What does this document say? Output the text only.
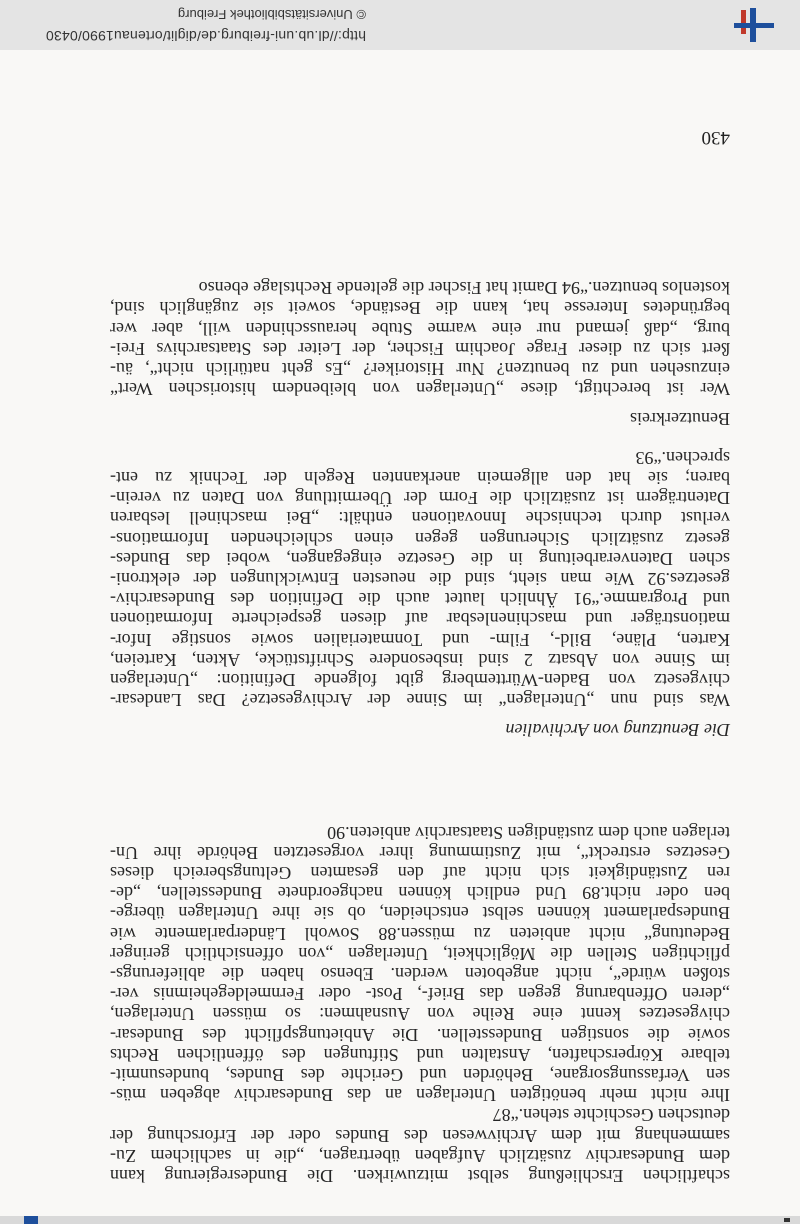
schaftlichen Erschließung selbst mitzuwirken. Die Bundesregierung kann
dem Bundesarchiv zusätzlich Aufgaben übertragen, „die in sachlichem Zu-
sammenhang mit dem Archivwesen des Bundes oder der Erforschung der
deutschen Geschichte stehen.“87
Ihre nicht mehr benötigten Unterlagen an das Bundesarchiv abgeben müs-
sen Verfassungsorgane, Behörden und Gerichte des Bundes, bundesunmit-
telbare Körperschaften, Anstalten und Stiftungen des öffentlichen Rechts
sowie die sonstigen Bundesstellen. Die Anbietungspflicht des Bundesar-
chivgesetzes kennt eine Reihe von Ausnahmen: so müssen Unterlagen,
„deren Offenbarung gegen das Brief-, Post- oder Fernmeldegeheimnis ver-
stoßen würde“, nicht angeboten werden. Ebenso haben die ablieferungs-
pflichtigen Stellen die Möglichkeit, Unterlagen „von offensichtlich geringer
Bedeutung“ nicht anbieten zu müssen.88 Sowohl Länderparlamente wie
Bundesparlament können selbst entscheiden, ob sie ihre Unterlagen überge-
ben oder nicht.89 Und endlich können nachgeordnete Bundesstellen, „de-
ren Zuständigkeit sich nicht auf den gesamten Geltungsbereich dieses
Gesetzes erstreckt“, mit Zustimmung ihrer vorgesetzten Behörde ihre Un-
terlagen auch dem zuständigen Staatsarchiv anbieten.90
Die Benutzung von Archivalien
Was sind nun „Unterlagen“ im Sinne der Archivgesetze? Das Landesar-
chivgesetz von Baden-Württemberg gibt folgende Definition: „Unterlagen
im Sinne von Absatz 2 sind insbesondere Schriftstücke, Akten, Karteien,
Karten, Pläne, Bild-, Film- und Tonmaterialien sowie sonstige Infor-
mationsträger und maschinenlesbar auf diesen gespeicherte Informationen
und Programme.“91 Ähnlich lautet auch die Definition des Bundesarchiv-
gesetzes.92 Wie man sieht, sind die neuesten Entwicklungen der elektroni-
schen Datenverarbeitung in die Gesetze eingegangen, wobei das Bundes-
gesetz zusätzlich Sicherungen gegen einen schleichenden Informations-
verlust durch technische Innovationen enthält: „Bei maschinell lesbaren
Datenträgern ist zusätzlich die Form der Übermittlung von Daten zu verein-
baren; sie hat den allgemein anerkannten Regeln der Technik zu ent-
sprechen.“93
Benutzerkreis
Wer ist berechtigt, diese „Unterlagen von bleibendem historischen Wert“
einzusehen und zu benutzen? Nur Historiker? „Es geht natürlich nicht“, äu-
ßert sich zu dieser Frage Joachim Fischer, der Leiter des Staatsarchivs Frei-
burg, „daß jemand nur eine warme Stube herausschinden will, aber wer
begründetes Interesse hat, kann die Bestände, soweit sie zugänglich sind,
kostenlos benutzen.“94 Damit hat Fischer die geltende Rechtslage ebenso
430
http://dl.ub.uni-freiburg.de/diglit/ortenau1990/0430
© Universitätsbibliothek Freiburg
